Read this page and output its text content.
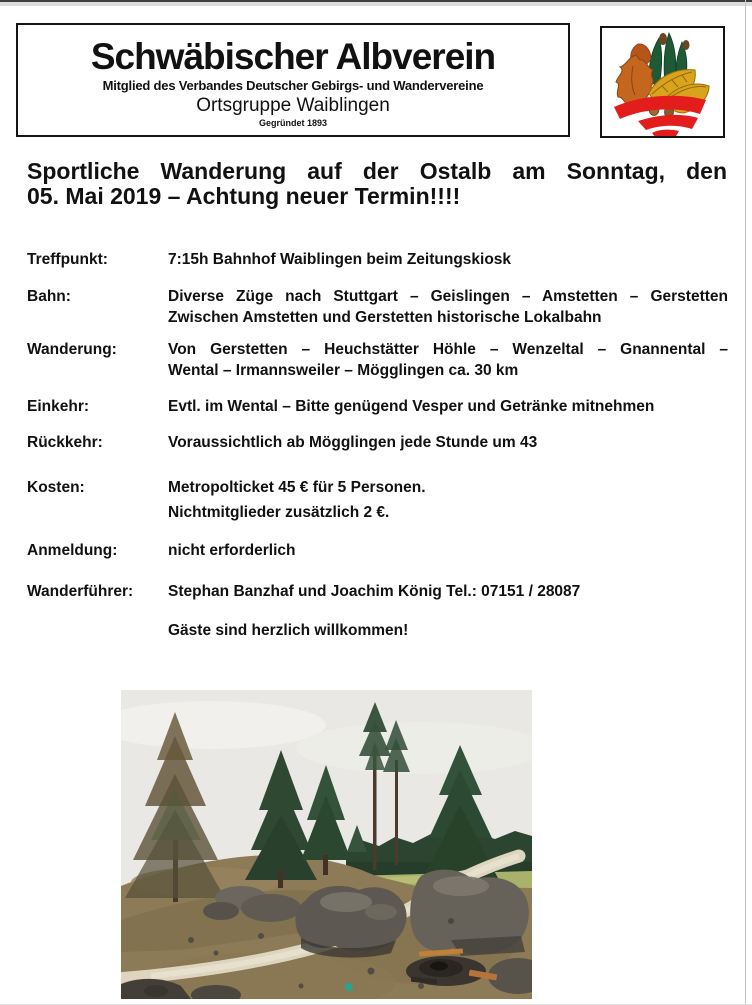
Schwäbischer Albverein
Mitglied des Verbandes Deutscher Gebirgs- und Wandervereine
Ortsgruppe Waiblingen
Gegründet 1893
Sportliche Wanderung auf der Ostalb am Sonntag, den
05. Mai 2019 – Achtung neuer Termin!!!!
Treffpunkt:	7:15h Bahnhof Waiblingen beim Zeitungskiosk
Bahn:	Diverse Züge nach Stuttgart – Geislingen – Amstetten – Gerstetten
Zwischen Amstetten und Gerstetten historische Lokalbahn
Wanderung:	Von Gerstetten – Heuchstätter Höhle – Wenzeltal – Gnannental –
Wental – Irmannsweiler – Mögglingen ca. 30 km
Einkehr:	Evtl. im Wental – Bitte genügend Vesper und Getränke mitnehmen
Rückkehr:	Voraussichtlich ab Mögglingen jede Stunde um 43
Kosten:	Metropolticket 45 € für 5 Personen.
Nichtmitglieder zusätzlich 2 €.
Anmeldung:	nicht erforderlich
Wanderführer:	Stephan Banzhaf und Joachim König Tel.: 07151 / 28087
Gäste sind herzlich willkommen!
